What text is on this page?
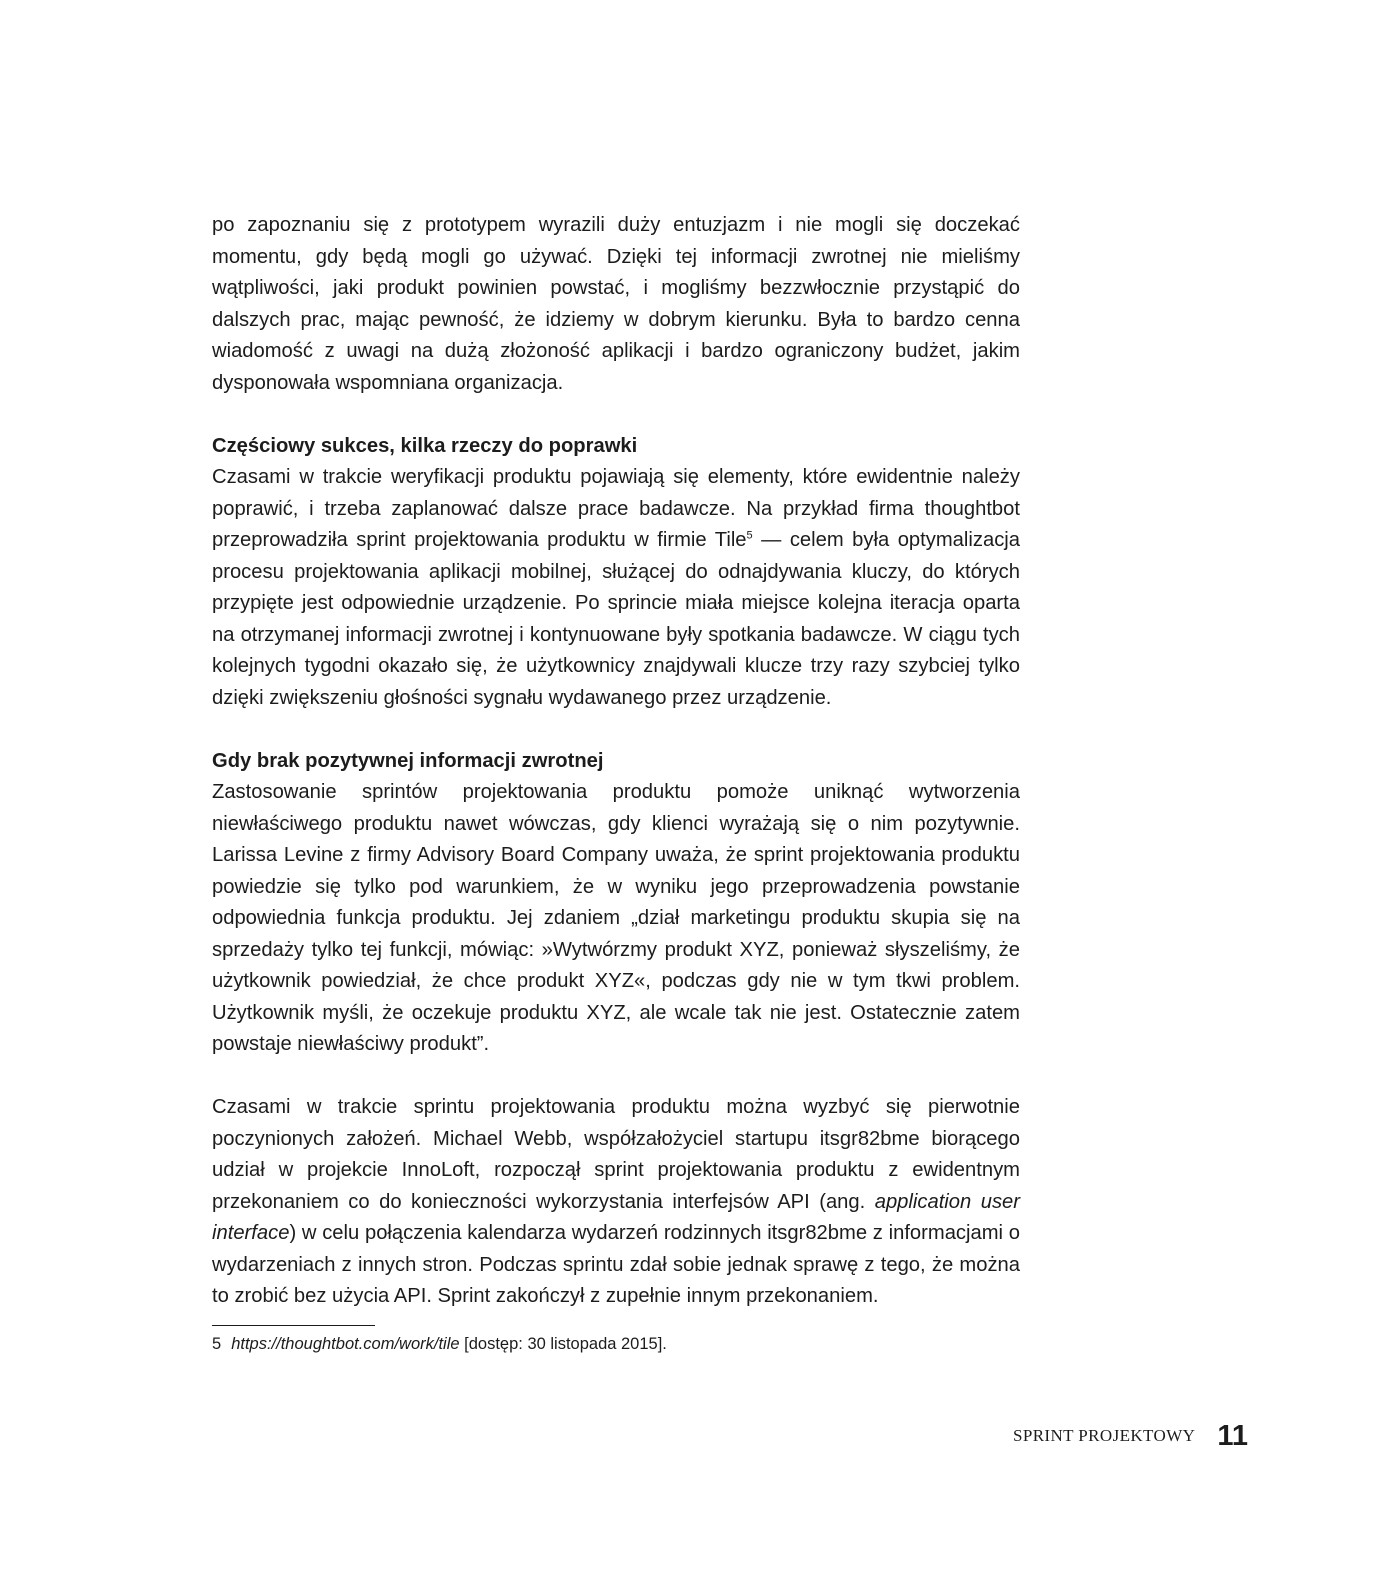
po zapoznaniu się z prototypem wyrazili duży entuzjazm i nie mogli się doczekać momentu, gdy będą mogli go używać. Dzięki tej informacji zwrotnej nie mieliśmy wątpliwości, jaki produkt powinien powstać, i mogliśmy bezzwłocznie przystąpić do dalszych prac, mając pewność, że idziemy w dobrym kierunku. Była to bardzo cenna wiadomość z uwagi na dużą złożoność aplikacji i bardzo ograniczony budżet, jakim dysponowała wspomniana organizacja.

Częściowy sukces, kilka rzeczy do poprawki

Czasami w trakcie weryfikacji produktu pojawiają się elementy, które ewidentnie należy poprawić, i trzeba zaplanować dalsze prace badawcze. Na przykład firma thoughtbot przeprowadziła sprint projektowania produktu w firmie Tile$^5$ — celem była optymalizacja procesu projektowania aplikacji mobilnej, służącej do odnajdywania kluczy, do których przypięte jest odpowiednie urządzenie. Po sprincie miała miejsce kolejna iteracja oparta na otrzymanej informacji zwrotnej i kontynuowane były spotkania badawcze. W ciągu tych kolejnych tygodni okazało się, że użytkownicy znajdywali klucze trzy razy szybciej tylko dzięki zwiększeniu głośności sygnału wydawanego przez urządzenie.

Gdy brak pozytywnej informacji zwrotnej

Zastosowanie sprintów projektowania produktu pomoże uniknąć wytworzenia niewłaściwego produktu nawet wówczas, gdy klienci wyrażają się o nim pozytywnie. Larissa Levine z firmy Advisory Board Company uważa, że sprint projektowania produktu powiedzie się tylko pod warunkiem, że w wyniku jego przeprowadzenia powstanie odpowiednia funkcja produktu. Jej zdaniem „dział marketingu produktu skupia się na sprzedaży tylko tej funkcji, mówiąc: »Wytwórzmy produkt XYZ, ponieważ słyszeliśmy, że użytkownik powiedział, że chce produkt XYZ«, podczas gdy nie w tym tkwi problem. Użytkownik myśli, że oczekuje produktu XYZ, ale wcale tak nie jest. Ostatecznie zatem powstaje niewłaściwy produkt”.

Czasami w trakcie sprintu projektowania produktu można wyzbyć się pierwotnie poczynionych założeń. Michael Webb, współzałożyciel startupu itsgr82bme biorącego udział w projekcie InnoLoft, rozpoczął sprint projektowania produktu z ewidentnym przekonaniem co do konieczności wykorzystania interfejsów API (ang. application user interface) w celu połączenia kalendarza wydarzeń rodzinnych itsgr82bme z informacjami o wydarzeniach z innych stron. Podczas sprintu zdał sobie jednak sprawę z tego, że można to zrobić bez użycia API. Sprint zakończył z zupełnie innym przekonaniem.

5 https://thoughtbot.com/work/tile [dostęp: 30 listopada 2015].
SPRINT PROJEKTOWY 11
